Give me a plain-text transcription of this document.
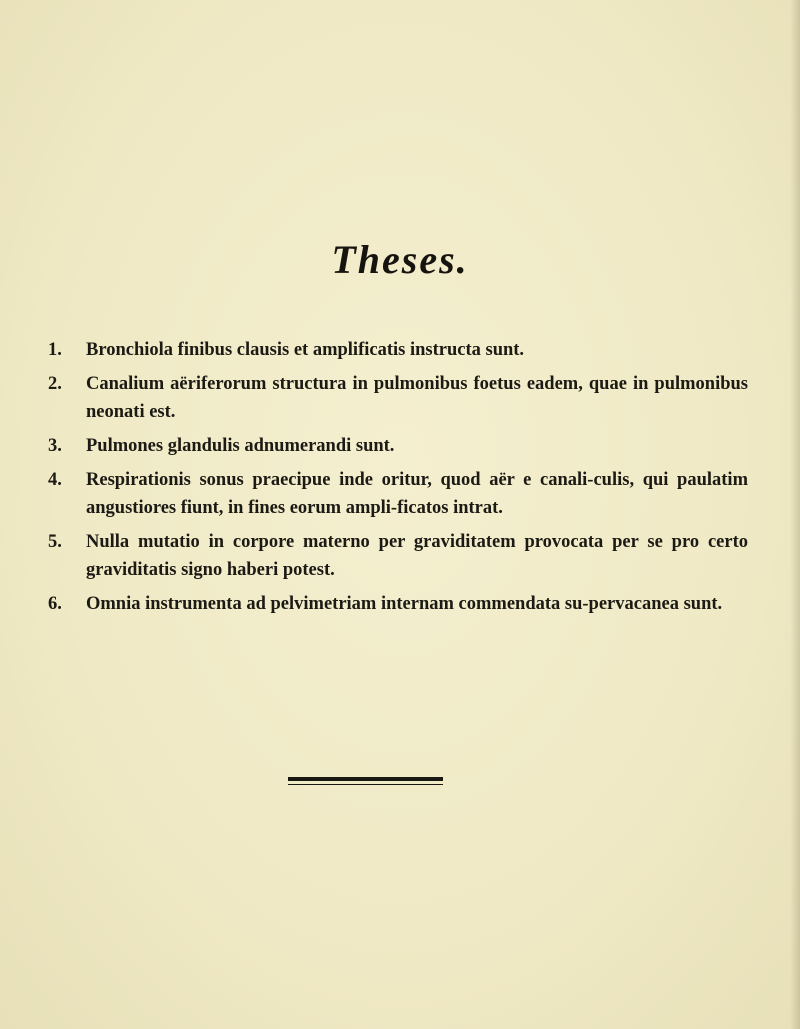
Theses.
1. Bronchiola finibus clausis et amplificatis instructa sunt.
2. Canalium aëriferorum structura in pulmonibus foetus eadem, quae in pulmonibus neonati est.
3. Pulmones glandulis adnumerandi sunt.
4. Respirationis sonus praecipue inde oritur, quod aër e canali-culis, qui paulatim angustiores fiunt, in fines eorum ampli-ficatos intrat.
5. Nulla mutatio in corpore materno per graviditatem provocata per se pro certo graviditatis signo haberi potest.
6. Omnia instrumenta ad pelvimetriam internam commendata su-pervacanea sunt.
